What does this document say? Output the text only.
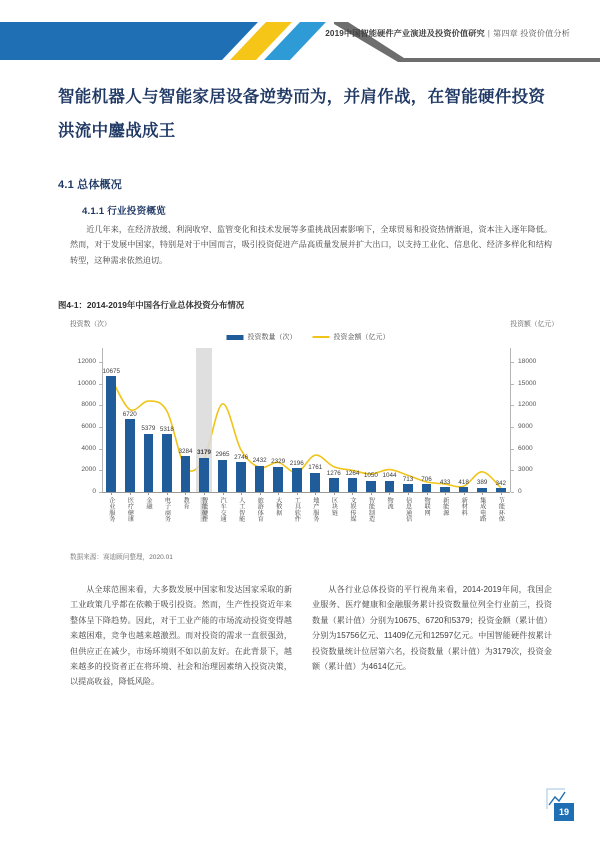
2019中国智能硬件产业演进及投资价值研究 | 第四章 投资价值分析
智能机器人与智能家居设备逆势而为，并肩作战，在智能硬件投资洪流中鏖战成王
4.1 总体概况
4.1.1 行业投资概览
近几年来，在经济放缓、利润收窄、监管变化和技术发展等多重挑战因素影响下，全球贸易和投资热情渐退，资本注入逐年降低。然而，对于发展中国家，特别是对于中国而言，吸引投资促进产品高质量发展并扩大出口，以支持工业化、信息化、经济多样化和结构转型，这种需求依然迫切。
图4-1：2014-2019年中国各行业总体投资分布情况
投资数（次）	投资额（亿元）
投资数量（次）	投资金额（亿元）
0
2000
4000
6000
8000
10000
12000
0
3000
6000
9000
12000
15000
18000
10675
6720
5379 5318
3284 3179 2965 2746 2432 2329 2196
1761
1276 1264 1050 1044
713 706 433 418 389 342
企业服务 医疗健康 金融 电子商务 教育 智能硬件 汽车交通 人工智能 旅游体育 大数据 工具软件 地产服务 区块链 文娱传媒 智能制造 物流 信息通信 物联网 新能源 新材料 集成电路 节能环保
数据来源：赛迪顾问整理，2020.01
从全球范围来看，大多数发展中国家和发达国家采取的新工业政策几乎都在依赖于吸引投资。然而，生产性投资近年来整体呈下降趋势。因此，对于工业产能的市场流动投资变得越来越困难，竞争也越来越激烈。而对投资的需求一直很强劲，但供应正在减少，市场环境则不如以前友好。在此背景下，越来越多的投资者正在将环境、社会和治理因素纳入投资决策，以提高收益，降低风险。
从各行业总体投资的平行视角来看，2014-2019年间，我国企业服务、医疗健康和金融服务累计投资数量位列全行业前三，投资数量（累计值）分别为10675、6720和5379；投资金额（累计值）分别为15756亿元、11409亿元和12597亿元。中国智能硬件按累计投资数量统计位居第六名，投资数量（累计值）为3179次，投资金额（累计值）为4614亿元。
19
